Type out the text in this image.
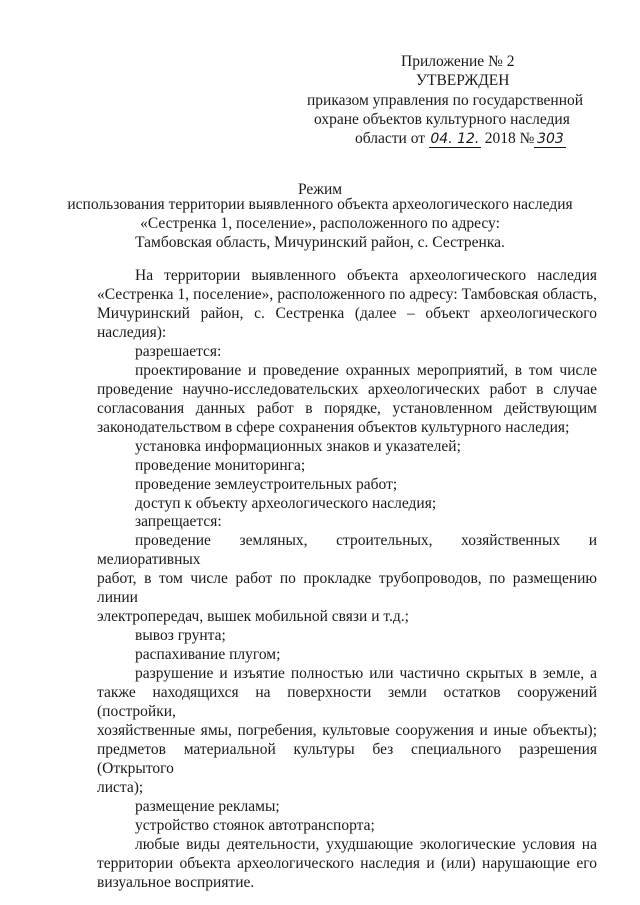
Приложение № 2
УТВЕРЖДЕН
приказом управления по государственной
охране объектов культурного наследия
области от 04. 12. 2018 № 303
Режим
использования территории выявленного объекта археологического наследия
«Сестренка 1, поселение», расположенного по адресу:
Тамбовская область, Мичуринский район, с. Сестренка.
На территории выявленного объекта археологического наследия
«Сестренка 1, поселение», расположенного по адресу: Тамбовская область,
Мичуринский район, с. Сестренка (далее – объект археологического
наследия):
разрешается:
проектирование и проведение охранных мероприятий, в том числе
проведение научно-исследовательских археологических работ в случае
согласования данных работ в порядке, установленном действующим
законодательством в сфере сохранения объектов культурного наследия;
установка информационных знаков и указателей;
проведение мониторинга;
проведение землеустроительных работ;
доступ к объекту археологического наследия;
запрещается:
проведение земляных, строительных, хозяйственных и мелиоративных
работ, в том числе работ по прокладке трубопроводов, по размещению линии
электропередач, вышек мобильной связи и т.д.;
вывоз грунта;
распахивание плугом;
разрушение и изъятие полностью или частично скрытых в земле, а
также находящихся на поверхности земли остатков сооружений (постройки,
хозяйственные ямы, погребения, культовые сооружения и иные объекты);
предметов материальной культуры без специального разрешения (Открытого
листа);
размещение рекламы;
устройство стоянок автотранспорта;
любые виды деятельности, ухудшающие экологические условия на
территории объекта археологического наследия и (или) нарушающие его
визуальное восприятие.
